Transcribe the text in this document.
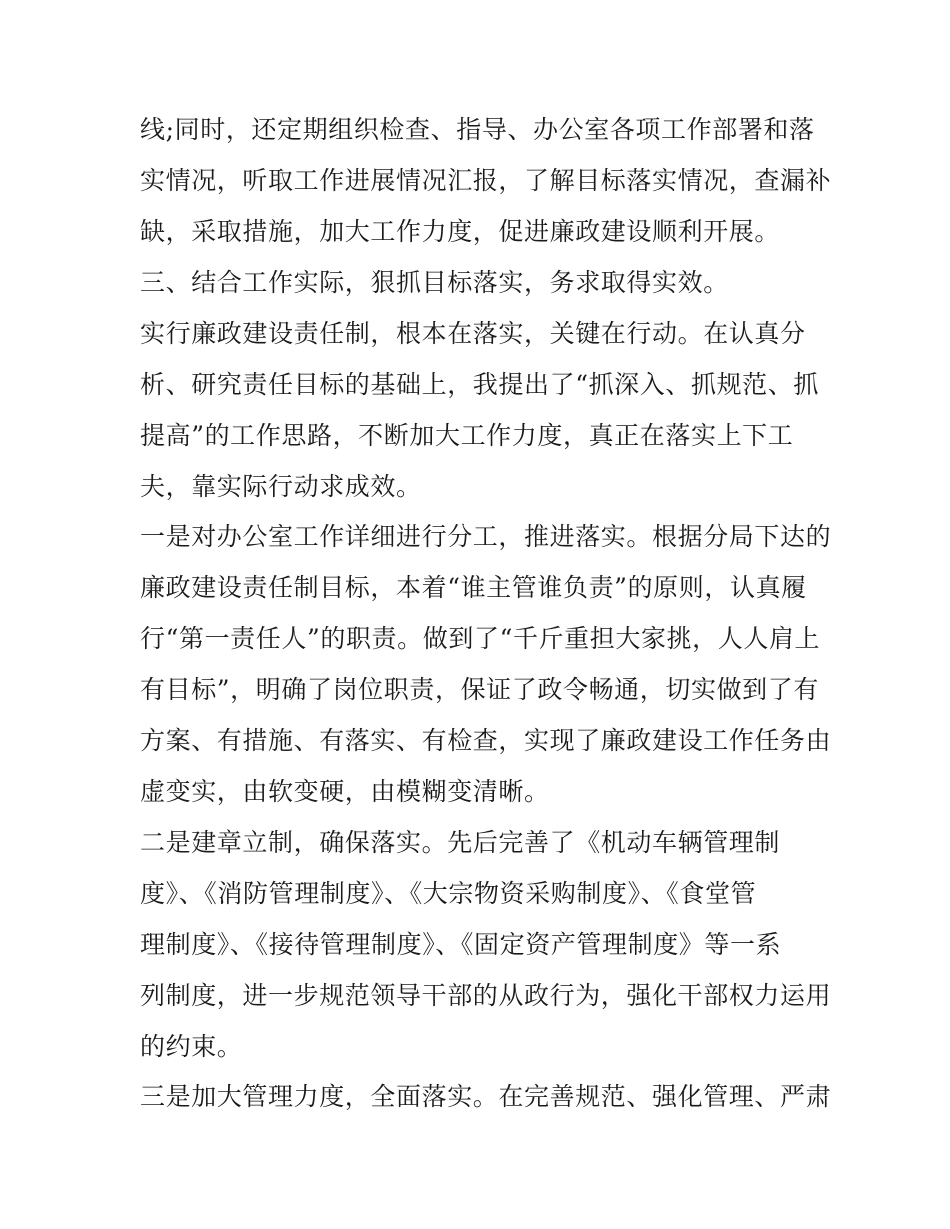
线;同时，还定期组织检查、指导、办公室各项工作部署和落

实情况，听取工作进展情况汇报，了解目标落实情况，查漏补

缺，采取措施，加大工作力度，促进廉政建设顺利开展。

三、结合工作实际，狠抓目标落实，务求取得实效。

实行廉政建设责任制，根本在落实，关键在行动。在认真分

析、研究责任目标的基础上，我提出了“抓深入、抓规范、抓

提高”的工作思路，不断加大工作力度，真正在落实上下工

夫，靠实际行动求成效。

一是对办公室工作详细进行分工，推进落实。根据分局下达的

廉政建设责任制目标，本着“谁主管谁负责”的原则，认真履

行“第一责任人”的职责。做到了“千斤重担大家挑，人人肩上

有目标”，明确了岗位职责，保证了政令畅通，切实做到了有

方案、有措施、有落实、有检查，实现了廉政建设工作任务由

虚变实，由软变硬，由模糊变清晰。

二是建章立制，确保落实。先后完善了《机动车辆管理制

度》、《消防管理制度》、《大宗物资采购制度》、《食堂管

理制度》、《接待管理制度》、《固定资产管理制度》等一系

列制度，进一步规范领导干部的从政行为，强化干部权力运用

的约束。

三是加大管理力度，全面落实。在完善规范、强化管理、严肃
